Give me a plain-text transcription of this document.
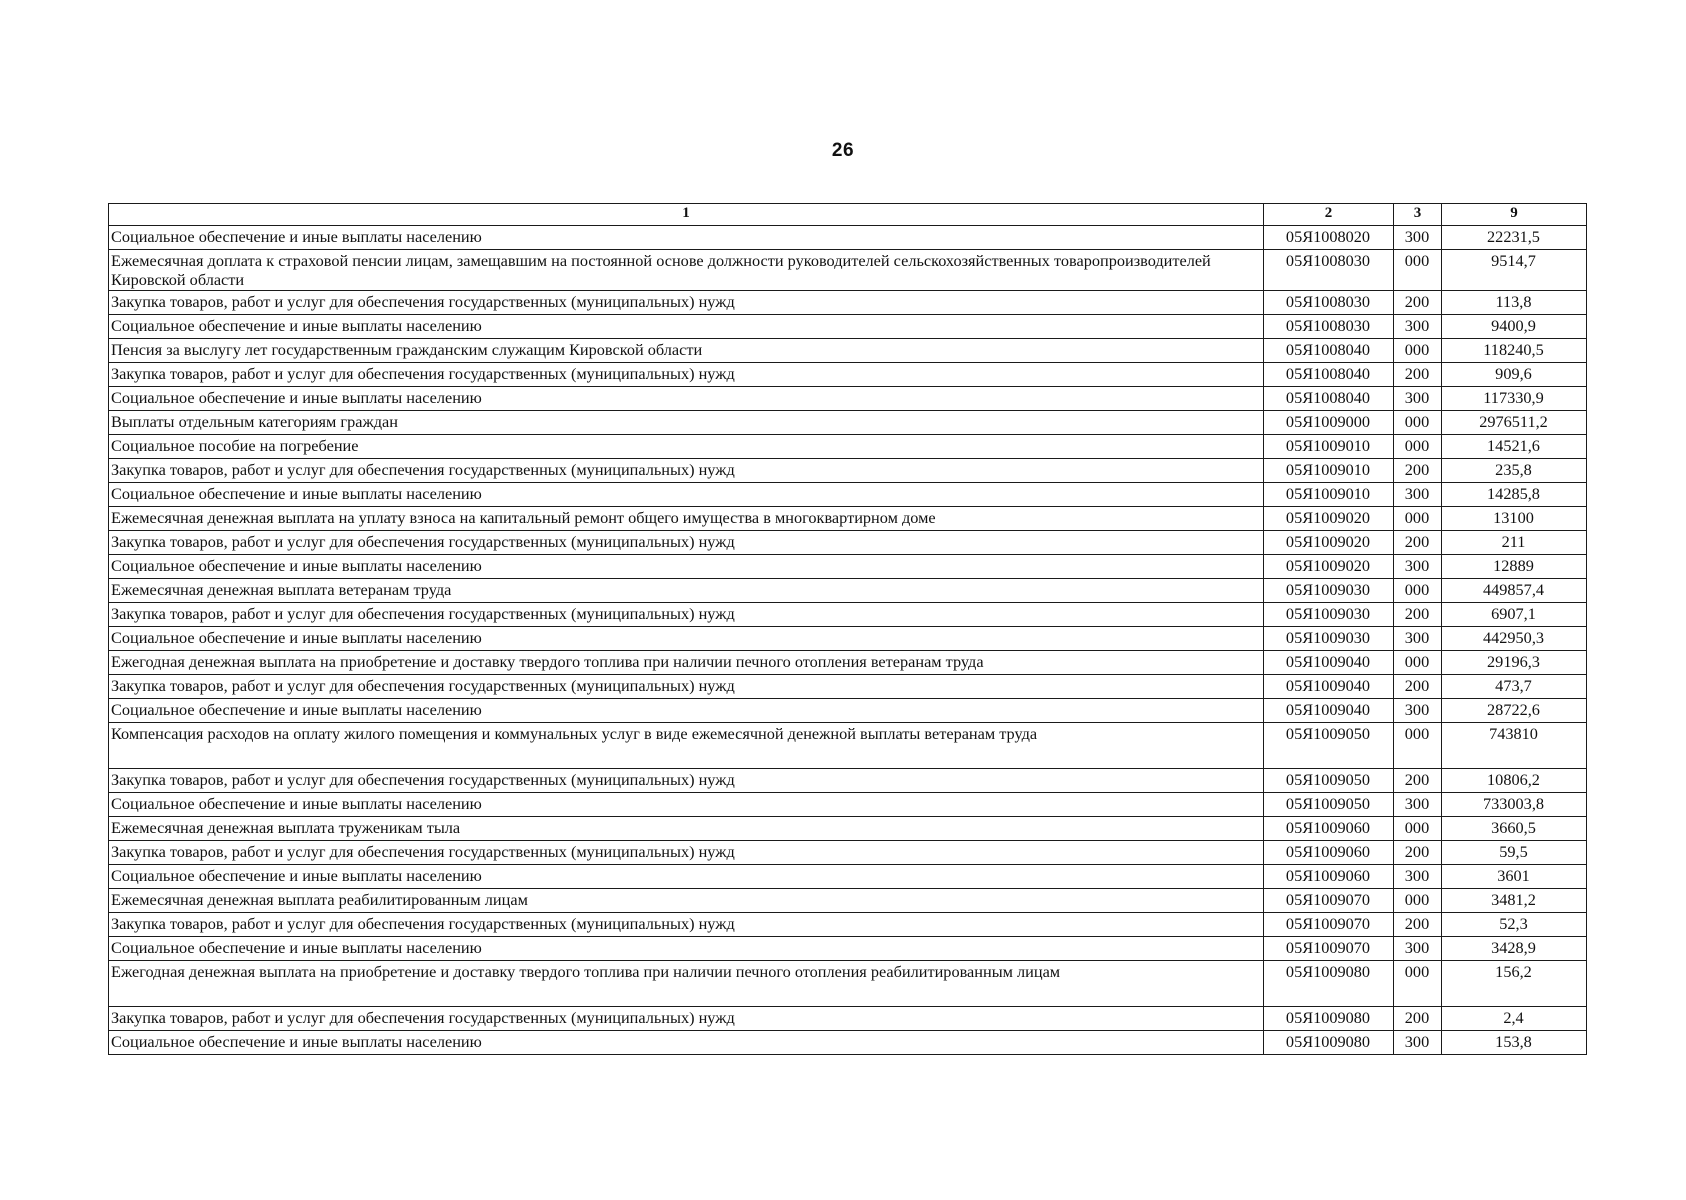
26
1	2	3	9
Социальное обеспечение и иные выплаты населению	05Я1008020	300	22231,5
Ежемесячная доплата к страховой пенсии лицам, замещавшим на постоянной основе должности руководителей сельскохозяйственных товаропроизводителей Кировской области	05Я1008030	000	9514,7
Закупка товаров, работ и услуг для обеспечения государственных (муниципальных) нужд	05Я1008030	200	113,8
Социальное обеспечение и иные выплаты населению	05Я1008030	300	9400,9
Пенсия за выслугу лет государственным гражданским служащим Кировской области	05Я1008040	000	118240,5
Закупка товаров, работ и услуг для обеспечения государственных (муниципальных) нужд	05Я1008040	200	909,6
Социальное обеспечение и иные выплаты населению	05Я1008040	300	117330,9
Выплаты отдельным категориям граждан	05Я1009000	000	2976511,2
Социальное пособие на погребение	05Я1009010	000	14521,6
Закупка товаров, работ и услуг для обеспечения государственных (муниципальных) нужд	05Я1009010	200	235,8
Социальное обеспечение и иные выплаты населению	05Я1009010	300	14285,8
Ежемесячная денежная выплата на уплату взноса на капитальный ремонт общего имущества в многоквартирном доме	05Я1009020	000	13100
Закупка товаров, работ и услуг для обеспечения государственных (муниципальных) нужд	05Я1009020	200	211
Социальное обеспечение и иные выплаты населению	05Я1009020	300	12889
Ежемесячная денежная выплата ветеранам труда	05Я1009030	000	449857,4
Закупка товаров, работ и услуг для обеспечения государственных (муниципальных) нужд	05Я1009030	200	6907,1
Социальное обеспечение и иные выплаты населению	05Я1009030	300	442950,3
Ежегодная денежная выплата на приобретение и доставку твердого топлива при наличии печного отопления ветеранам труда	05Я1009040	000	29196,3
Закупка товаров, работ и услуг для обеспечения государственных (муниципальных) нужд	05Я1009040	200	473,7
Социальное обеспечение и иные выплаты населению	05Я1009040	300	28722,6
Компенсация расходов на оплату жилого помещения и коммунальных услуг в виде ежемесячной денежной выплаты ветеранам труда	05Я1009050	000	743810
Закупка товаров, работ и услуг для обеспечения государственных (муниципальных) нужд	05Я1009050	200	10806,2
Социальное обеспечение и иные выплаты населению	05Я1009050	300	733003,8
Ежемесячная денежная выплата труженикам тыла	05Я1009060	000	3660,5
Закупка товаров, работ и услуг для обеспечения государственных (муниципальных) нужд	05Я1009060	200	59,5
Социальное обеспечение и иные выплаты населению	05Я1009060	300	3601
Ежемесячная денежная выплата реабилитированным лицам	05Я1009070	000	3481,2
Закупка товаров, работ и услуг для обеспечения государственных (муниципальных) нужд	05Я1009070	200	52,3
Социальное обеспечение и иные выплаты населению	05Я1009070	300	3428,9
Ежегодная денежная выплата на приобретение и доставку твердого топлива при наличии печного отопления реабилитированным лицам	05Я1009080	000	156,2
Закупка товаров, работ и услуг для обеспечения государственных (муниципальных) нужд	05Я1009080	200	2,4
Социальное обеспечение и иные выплаты населению	05Я1009080	300	153,8
